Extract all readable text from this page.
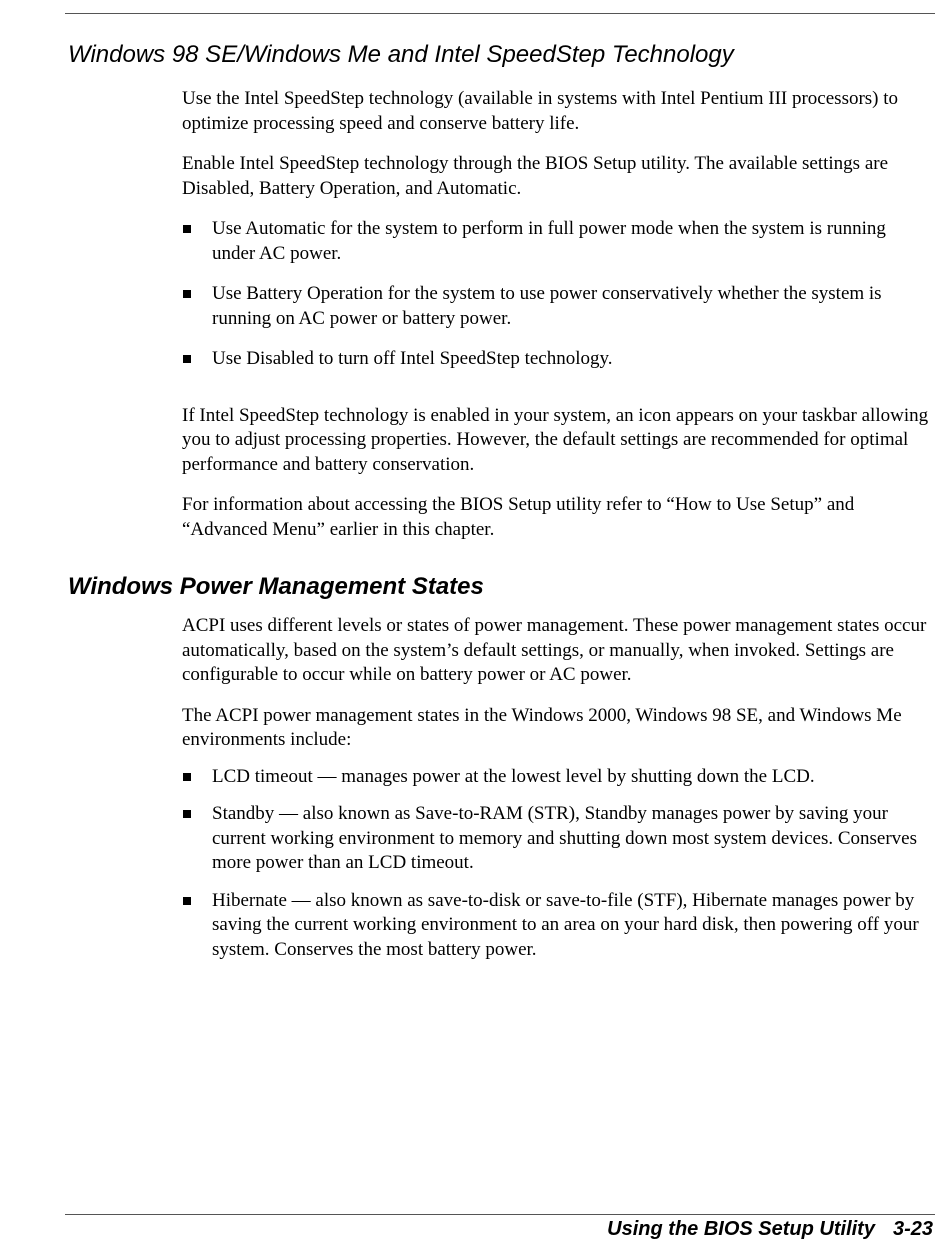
Windows 98 SE/Windows Me and Intel SpeedStep Technology

Use the Intel SpeedStep technology (available in systems with Intel Pentium III processors) to optimize processing speed and conserve battery life.

Enable Intel SpeedStep technology through the BIOS Setup utility. The available settings are Disabled, Battery Operation, and Automatic.

Use Automatic for the system to perform in full power mode when the system is running under AC power.
Use Battery Operation for the system to use power conservatively whether the system is running on AC power or battery power.
Use Disabled to turn off Intel SpeedStep technology.

If Intel SpeedStep technology is enabled in your system, an icon appears on your taskbar allowing you to adjust processing properties. However, the default settings are recommended for optimal performance and battery conservation.

For information about accessing the BIOS Setup utility refer to “How to Use Setup” and “Advanced Menu” earlier in this chapter.

Windows Power Management States

ACPI uses different levels or states of power management. These power management states occur automatically, based on the system’s default settings, or manually, when invoked. Settings are configurable to occur while on battery power or AC power.

The ACPI power management states in the Windows 2000, Windows 98 SE, and Windows Me environments include:

LCD timeout — manages power at the lowest level by shutting down the LCD.
Standby — also known as Save-to-RAM (STR), Standby manages power by saving your current working environment to memory and shutting down most system devices. Conserves more power than an LCD timeout.
Hibernate — also known as save-to-disk or save-to-file (STF), Hibernate manages power by saving the current working environment to an area on your hard disk, then powering off your system. Conserves the most battery power.
Using the BIOS Setup Utility 3-23
